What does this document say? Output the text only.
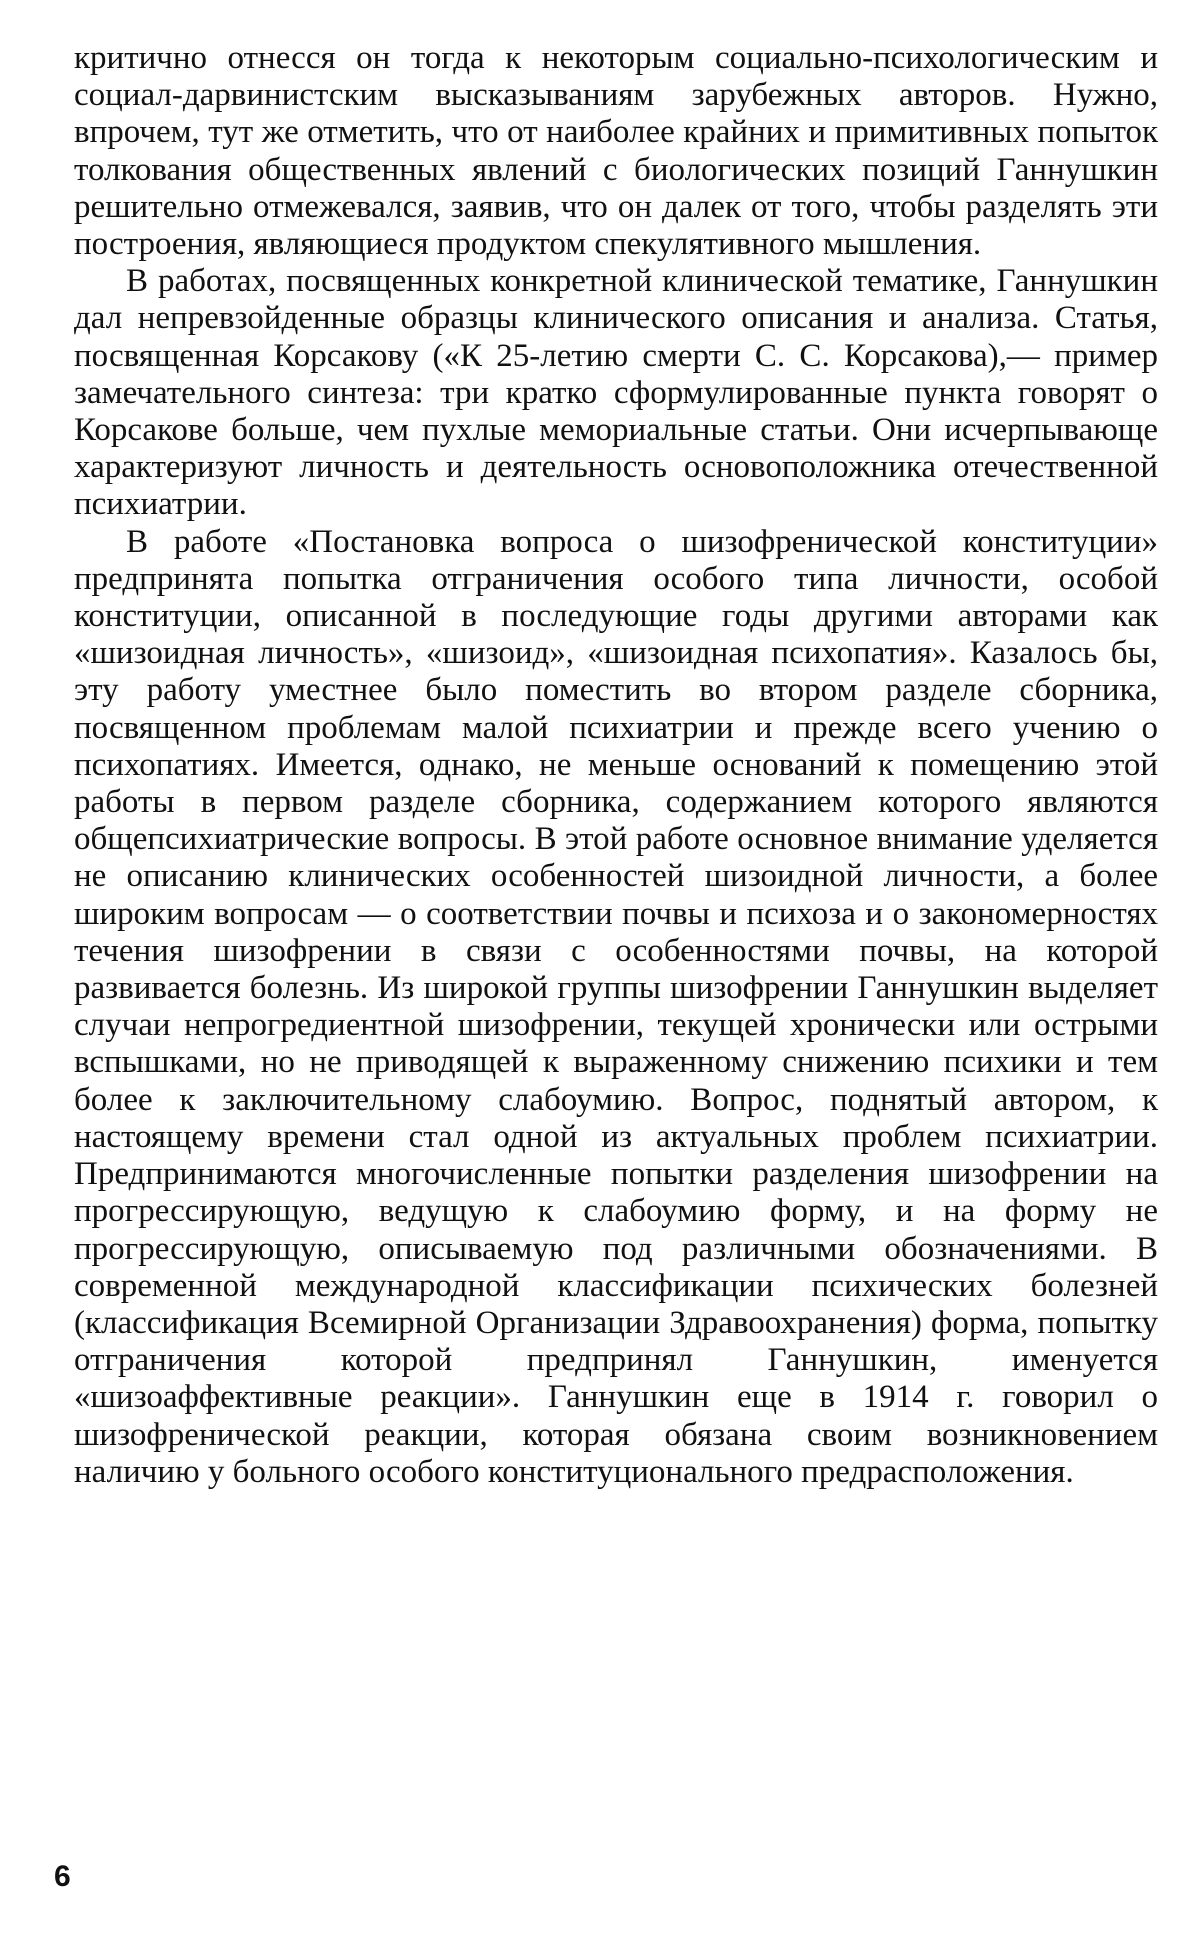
критично отнесся он тогда к некоторым социально-психологическим и социал-дарвинистским высказываниям зарубежных авторов. Нужно, впрочем, тут же отметить, что от наиболее крайних и примитивных попыток толкования общественных явлений с биологических позиций Ганнушкин решительно отмежевался, заявив, что он далек от того, чтобы разделять эти построения, являющиеся продуктом спекулятивного мышления.

В работах, посвященных конкретной клинической тематике, Ганнушкин дал непревзойденные образцы клинического описания и анализа. Статья, посвященная Корсакову («К 25-летию смерти С. С. Корсакова),— пример замечательного синтеза: три кратко сформулированные пункта говорят о Корсакове больше, чем пухлые мемориальные статьи. Они исчерпывающе характеризуют личность и деятельность основоположника отечественной психиатрии.

В работе «Постановка вопроса о шизофренической конституции» предпринята попытка отграничения особого типа личности, особой конституции, описанной в последующие годы другими авторами как «шизоидная личность», «шизоид», «шизоидная психопатия». Казалось бы, эту работу уместнее было поместить во втором разделе сборника, посвященном проблемам малой психиатрии и прежде всего учению о психопатиях. Имеется, однако, не меньше оснований к помещению этой работы в первом разделе сборника, содержанием которого являются общепсихиатрические вопросы. В этой работе основное внимание уделяется не описанию клинических особенностей шизоидной личности, а более широким вопросам — о соответствии почвы и психоза и о закономерностях течения шизофрении в связи с особенностями почвы, на которой развивается болезнь. Из широкой группы шизофрении Ганнушкин выделяет случаи непрогредиентной шизофрении, текущей хронически или острыми вспышками, но не приводящей к выраженному снижению психики и тем более к заключительному слабоумию. Вопрос, поднятый автором, к настоящему времени стал одной из актуальных проблем психиатрии. Предпринимаются многочисленные попытки разделения шизофрении на прогрессирующую, ведущую к слабоумию форму, и на форму не прогрессирующую, описываемую под различными обозначениями. В современной международной классификации психических болезней (классификация Всемирной Организации Здравоохранения) форма, попытку отграничения которой предпринял Ганнушкин, именуется «шизоаффективные реакции». Ганнушкин еще в 1914 г. говорил о шизофренической реакции, которая обязана своим возникновением наличию у больного особого конституционального предрасположения.

6
